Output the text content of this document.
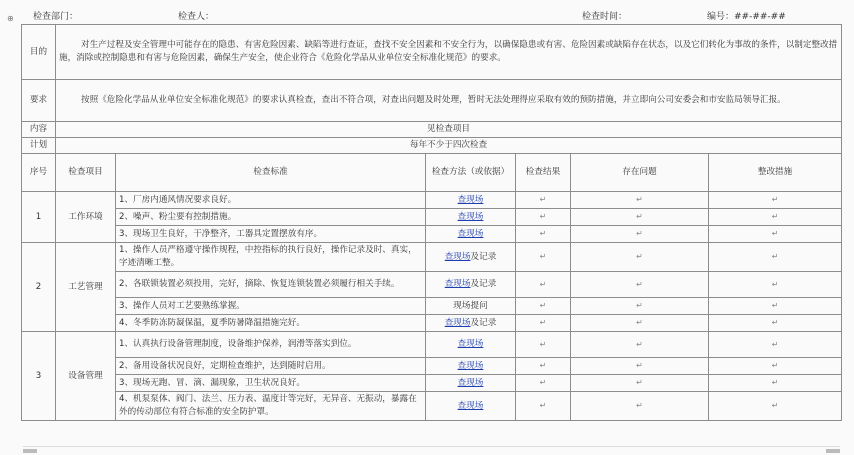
⊕ 检查部门：	检查人：	检查时间：	编号：##-##-##
目的	对生产过程及安全管理中可能存在的隐患、有害危险因素、缺陷等进行查证，查找不安全因素和不安全行为，以确保隐患或有害、危险因素或缺陷存在状态，以及它们转化为事故的条件，以制定整改措施，消除或控制隐患和有害与危险因素，确保生产安全，使企业符合《危险化学品从业单位安全标准化规范》的要求。					
要求	按照《危险化学品从业单位安全标准化规范》的要求认真检查，查出不符合项，对查出问题及时处理，暂时无法处理得应采取有效的预防措施，并立即向公司安委会和市安监局领导汇报。					
内容	见检查项目					
计划	每年不少于四次检查					
序号	检查项目	检查标准	检查方法（或依据）	检查结果	存在问题	整改措施
1	工作环境	1、厂房内通风情况要求良好。	查现场	↵	↵	↵
		2、噪声、粉尘要有控制措施。	查现场	↵	↵	↵
		3、现场卫生良好，干净整齐，工器具定置摆放有序。	查现场	↵	↵	↵
2	工艺管理	1、操作人员严格遵守操作规程，中控指标的执行良好，操作记录及时、真实，字迹清晰工整。	查现场及记录	↵	↵	↵
		2、各联锁装置必须投用，完好，摘除、恢复连锁装置必须履行相关手续。	查现场及记录	↵	↵	↵
		3、操作人员对工艺要熟练掌握。	现场提问	↵	↵	↵
		4、冬季防冻防凝保温，夏季防暑降温措施完好。	查现场及记录	↵	↵	↵
3	设备管理	1、认真执行设备管理制度，设备维护保养，润滑等落实到位。	查现场	↵	↵	↵
		2、备用设备状况良好，定期检查维护，达到随时启用。	查现场	↵	↵	↵
		3、现场无跑、冒、滴、漏现象，卫生状况良好。	查现场	↵	↵	↵
		4、机泵泵体、阀门、法兰、压力表、温度计等完好，无异音、无振动，暴露在外的传动部位有符合标准的安全防护罩。	查现场	↵	↵	↵
